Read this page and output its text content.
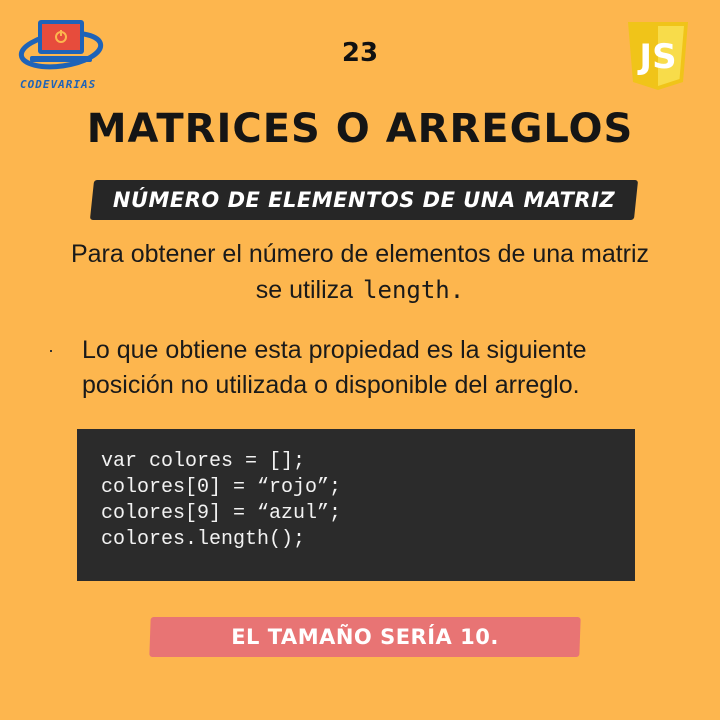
CODEVARIAS
23	JS
MATRICES O ARREGLOS
NÚMERO DE ELEMENTOS DE UNA MATRIZ
Para obtener el número de elementos de una matriz se utiliza length.
Lo que obtiene esta propiedad es la siguiente posición no utilizada o disponible del arreglo.
var colores = [];
colores[0] = “rojo”;
colores[9] = “azul”;
colores.length();
EL TAMAÑO SERÍA 10.
